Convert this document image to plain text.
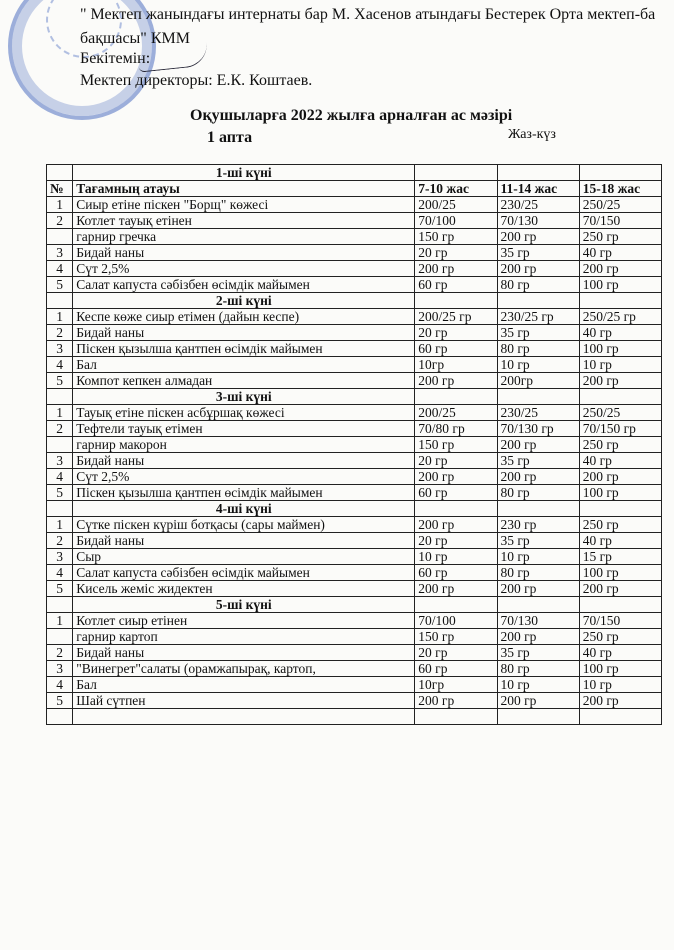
" Мектеп жанындағы интернаты бар М. Хасенов атындағы Бестерек Орта мектеп-ба
бақшасы" КММ
Бекітемін:
Мектеп директоры: Е.К. Коштаев.
Оқушыларға 2022 жылға арналған ас мәзірі
1 апта	Жаз-күз
	1-ші күні			
№	Тағамның атауы	7-10 жас	11-14 жас	15-18 жас
1	Сиыр етіне піскен "Борщ" көжесі	200/25	230/25	250/25
2	Котлет тауық етінен	70/100	70/130	70/150
	гарнир гречка	150 гр	200 гр	250 гр
3	Бидай наны	20 гр	35 гр	40 гр
4	Сүт 2,5%	200 гр	200 гр	200 гр
5	Салат капуста сәбізбен өсімдік майымен	60 гр	80 гр	100 гр
	2-ші күні			
1	Кеспе көже сиыр етімен (дайын кеспе)	200/25 гр	230/25 гр	250/25 гр
2	Бидай наны	20 гр	35 гр	40 гр
3	Піскен қызылша қантпен өсімдік майымен	60 гр	80 гр	100 гр
4	Бал	10гр	10 гр	10 гр
5	Компот кепкен алмадан	200 гр	200гр	200 гр
	3-ші күні			
1	Тауық етіне піскен асбұршақ көжесі	200/25	230/25	250/25
2	Тефтели тауық етімен	70/80 гр	70/130 гр	70/150 гр
	гарнир макорон	150 гр	200 гр	250 гр
3	Бидай наны	20 гр	35 гр	40 гр
4	Сүт 2,5%	200 гр	200 гр	200 гр
5	Піскен қызылша қантпен өсімдік майымен	60 гр	80 гр	100 гр
	4-ші күні			
1	Сүтке піскен күріш ботқасы (сары маймен)	200 гр	230 гр	250 гр
2	Бидай наны	20 гр	35 гр	40 гр
3	Сыр	10 гр	10 гр	15 гр
4	Салат капуста сәбізбен өсімдік майымен	60 гр	80 гр	100 гр
5	Кисель жеміс жидектен	200 гр	200 гр	200 гр
	5-ші күні			
1	Котлет сиыр етінен	70/100	70/130	70/150
	гарнир картоп	150 гр	200 гр	250 гр
2	Бидай наны	20 гр	35 гр	40 гр
3	"Винегрет"салаты (орамжапырақ, картоп,	60 гр	80 гр	100 гр
4	Бал	10гр	10 гр	10 гр
5	Шай сүтпен	200 гр	200 гр	200 гр
